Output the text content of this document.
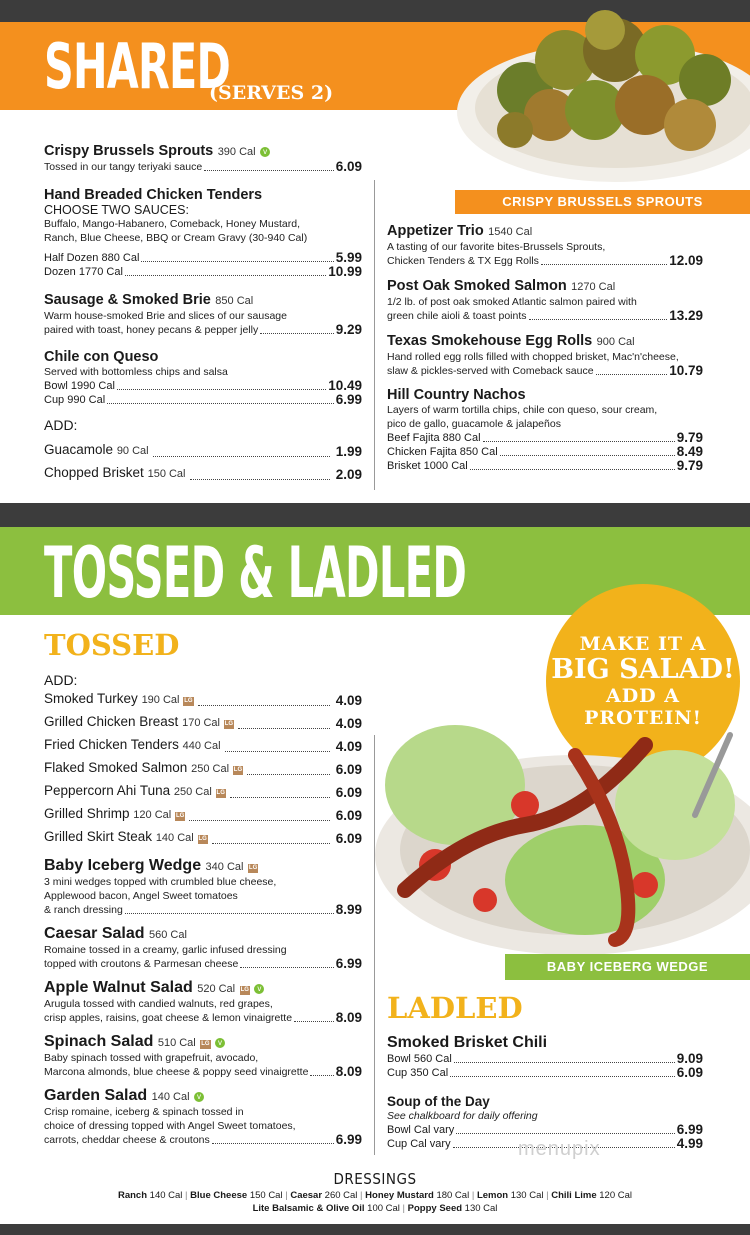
SHARED
(SERVES 2)
CRISPY BRUSSELS SPROUTS
Crispy Brussels Sprouts 390 Cal v
Tossed in our tangy teriyaki sauce	6.09
Hand Breaded Chicken Tenders
CHOOSE TWO SAUCES:
Buffalo, Mango-Habanero, Comeback, Honey Mustard,
Ranch, Blue Cheese, BBQ or Cream Gravy (30-940 Cal)
Half Dozen 880 Cal	5.99
Dozen 1770 Cal	10.99
Sausage & Smoked Brie 850 Cal
Warm house-smoked Brie and slices of our sausage
paired with toast, honey pecans & pepper jelly	9.29
Chile con Queso
Served with bottomless chips and salsa
Bowl 1990 Cal	10.49
Cup 990 Cal	6.99
ADD:
Guacamole 90 Cal	1.99
Chopped Brisket 150 Cal	2.09
Appetizer Trio 1540 Cal
A tasting of our favorite bites-Brussels Sprouts,
Chicken Tenders & TX Egg Rolls	12.09
Post Oak Smoked Salmon 1270 Cal
1/2 lb. of post oak smoked Atlantic salmon paired with
green chile aioli & toast points	13.29
Texas Smokehouse Egg Rolls 900 Cal
Hand rolled egg rolls filled with chopped brisket, Mac'n'cheese,
slaw & pickles-served with Comeback sauce	10.79
Hill Country Nachos
Layers of warm tortilla chips, chile con queso, sour cream,
pico de gallo, guacamole & jalapeños
Beef Fajita 880 Cal	9.79
Chicken Fajita 850 Cal	8.49
Brisket 1000 Cal	9.79
TOSSED & LADLED
TOSSED
ADD:
Smoked Turkey 190 Cal LG	4.09
Grilled Chicken Breast 170 Cal LG	4.09
Fried Chicken Tenders 440 Cal	4.09
Flaked Smoked Salmon 250 Cal LG	6.09
Peppercorn Ahi Tuna 250 Cal LG	6.09
Grilled Shrimp 120 Cal LG	6.09
Grilled Skirt Steak 140 Cal LG	6.09
Baby Iceberg Wedge 340 Cal LG
3 mini wedges topped with crumbled blue cheese,
Applewood bacon, Angel Sweet tomatoes
& ranch dressing	8.99
Caesar Salad 560 Cal
Romaine tossed in a creamy, garlic infused dressing
topped with croutons & Parmesan cheese	6.99
Apple Walnut Salad 520 Cal LG v
Arugula tossed with candied walnuts, red grapes,
crisp apples, raisins, goat cheese & lemon vinaigrette	8.09
Spinach Salad 510 Cal LG v
Baby spinach tossed with grapefruit, avocado,
Marcona almonds, blue cheese & poppy seed vinaigrette 8.09
Garden Salad 140 Cal v
Crisp romaine, iceberg & spinach tossed in
choice of dressing topped with Angel Sweet tomatoes,
carrots, cheddar cheese & croutons	6.99
MAKE IT A
BIG SALAD!
ADD A
PROTEIN!
BABY ICEBERG WEDGE
LADLED
Smoked Brisket Chili
Bowl 560 Cal	9.09
Cup 350 Cal	6.09
Soup of the Day
See chalkboard for daily offering
Bowl Cal vary	6.99
Cup Cal vary	4.99
menupix
DRESSINGS
Ranch 140 Cal | Blue Cheese 150 Cal | Caesar 260 Cal | Honey Mustard 180 Cal | Lemon 130 Cal | Chili Lime 120 Cal
Lite Balsamic & Olive Oil 100 Cal | Poppy Seed 130 Cal
